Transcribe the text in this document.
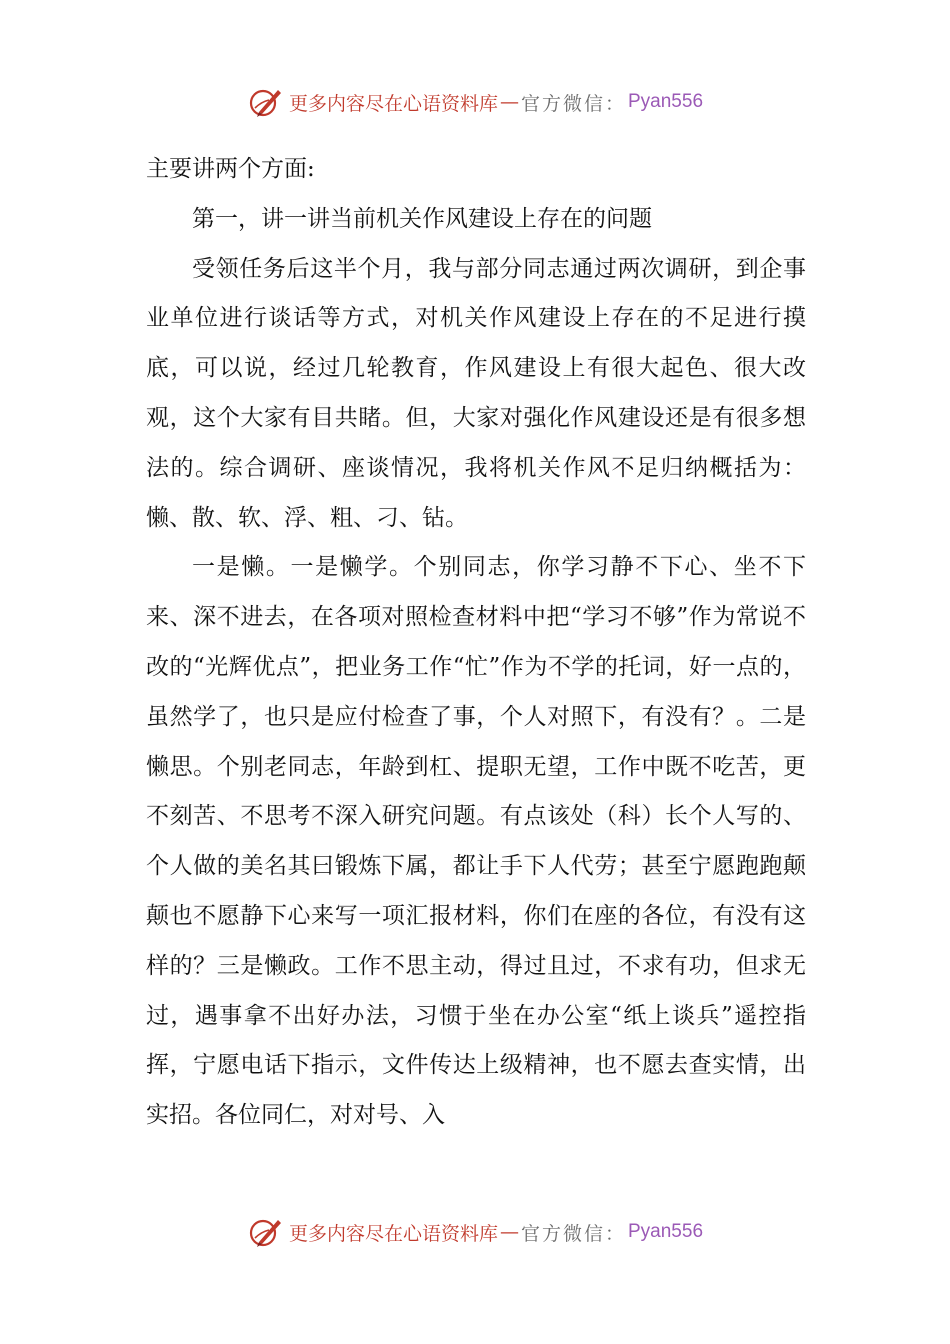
更多内容尽在心语资料库 — 官方微信： Pyan556

主要讲两个方面:

第一，讲一讲当前机关作风建设上存在的问题

受领任务后这半个月，我与部分同志通过两次调研，到企事业单位进行谈话等方式，对机关作风建设上存在的不足进行摸底，可以说，经过几轮教育，作风建设上有很大起色、很大改观，这个大家有目共睹。但，大家对强化作风建设还是有很多想法的。综合调研、座谈情况，我将机关作风不足归纳概括为：懒、散、软、浮、粗、刁、钻。

一是懒。一是懒学。个别同志，你学习静不下心、坐不下来、深不进去，在各项对照检查材料中把“学习不够”作为常说不改的“光辉优点”，把业务工作“忙”作为不学的托词，好一点的，虽然学了，也只是应付检查了事，个人对照下，有没有？。二是懒思。个别老同志，年龄到杠、提职无望，工作中既不吃苦，更不刻苦、不思考不深入研究问题。有点该处（科）长个人写的、个人做的美名其曰锻炼下属，都让手下人代劳；甚至宁愿跑跑颠颠也不愿静下心来写一项汇报材料，你们在座的各位，有没有这样的？三是懒政。工作不思主动，得过且过，不求有功，但求无过，遇事拿不出好办法，习惯于坐在办公室“纸上谈兵”遥控指挥，宁愿电话下指示，文件传达上级精神，也不愿去查实情，出实招。各位同仁，对对号、入

更多内容尽在心语资料库 — 官方微信： Pyan556
